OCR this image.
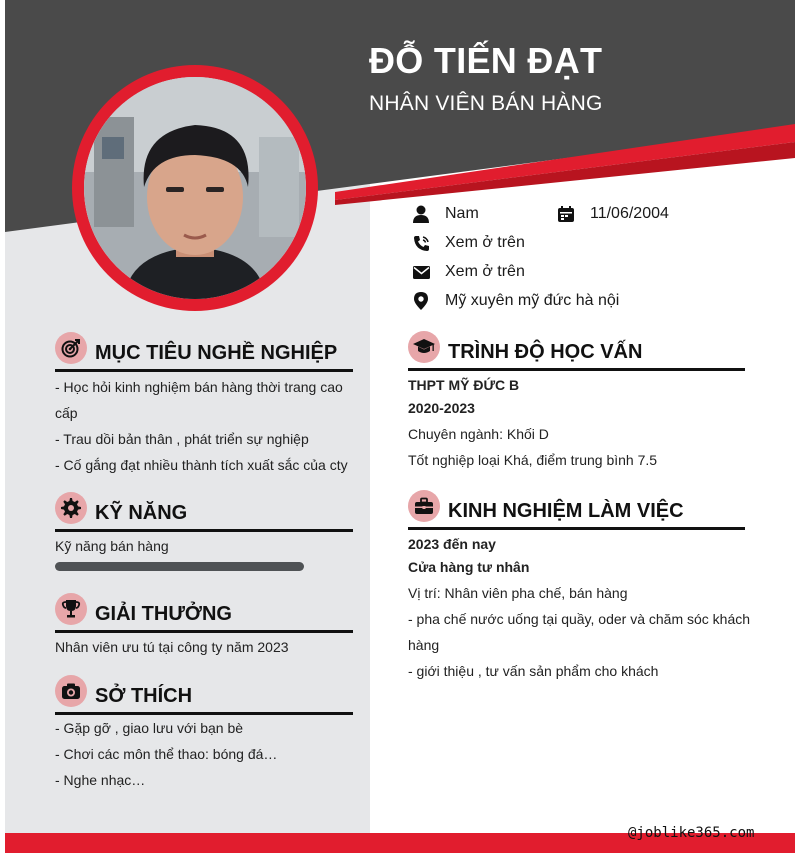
ĐỖ TIẾN ĐẠT
NHÂN VIÊN BÁN HÀNG
Nam	11/06/2004
Xem ở trên
Xem ở trên
Mỹ xuyên mỹ đức hà nội
MỤC TIÊU NGHỀ NGHIỆP
- Học hỏi kinh nghiệm bán hàng thời trang cao
cấp
- Trau dồi bản thân , phát triển sự nghiệp
- Cố gắng đạt nhiều thành tích xuất sắc của cty
KỸ NĂNG
Kỹ năng bán hàng
GIẢI THƯỞNG
Nhân viên ưu tú tại công ty năm 2023
SỞ THÍCH
- Gặp gỡ , giao lưu với bạn bè
- Chơi các môn thể thao: bóng đá…
- Nghe nhạc…
TRÌNH ĐỘ HỌC VẤN
THPT MỸ ĐỨC B
2020-2023
Chuyên ngành: Khối D
Tốt nghiệp loại Khá, điểm trung bình 7.5
KINH NGHIỆM LÀM VIỆC
2023 đến nay
Cửa hàng tư nhân
Vị trí: Nhân viên pha chế, bán hàng
- pha chế nước uống tại quầy, oder và chăm sóc khách
hàng
- giới thiệu , tư vấn sản phẩm cho khách
@joblike365.com
